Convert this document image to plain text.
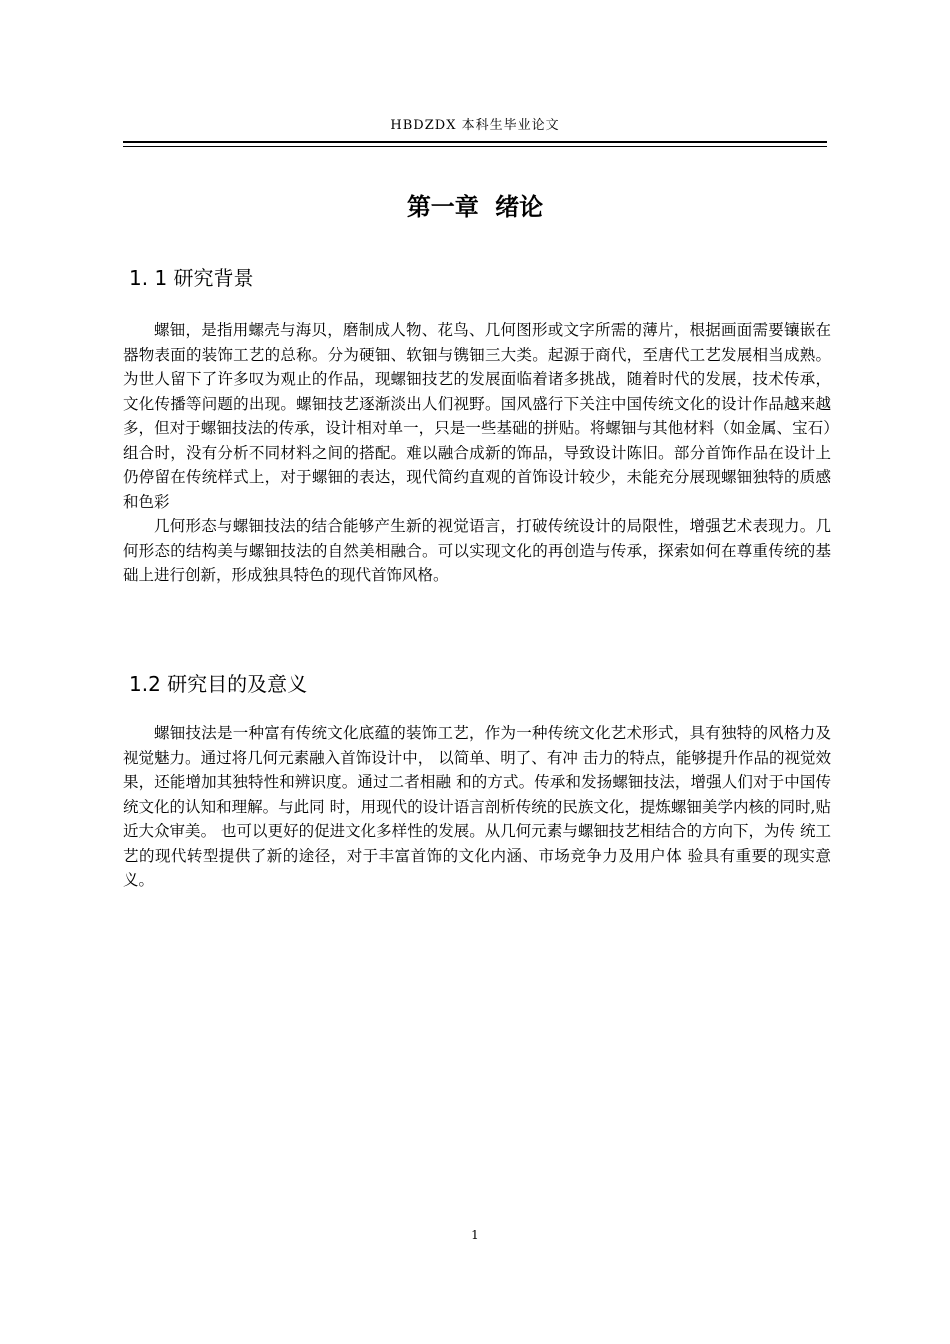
HBDZDX 本科生毕业论文
第一章 绪论
1. 1 研究背景

螺钿，是指用螺壳与海贝，磨制成人物、花鸟、几何图形或文字所需的薄片，根据画面需要镶嵌在器物表面的装饰工艺的总称。分为硬钿、软钿与镌钿三大类。起源于商代，至唐代工艺发展相当成熟。为世人留下了许多叹为观止的作品，现螺钿技艺的发展面临着诸多挑战，随着时代的发展，技术传承，文化传播等问题的出现。螺钿技艺逐渐淡出人们视野。国风盛行下关注中国传统文化的设计作品越来越多，但对于螺钿技法的传承，设计相对单一，只是一些基础的拼贴。将螺钿与其他材料（如金属、宝石）组合时，没有分析不同材料之间的搭配。难以融合成新的饰品，导致设计陈旧。部分首饰作品在设计上仍停留在传统样式上，对于螺钿的表达，现代简约直观的首饰设计较少，未能充分展现螺钿独特的质感和色彩

几何形态与螺钿技法的结合能够产生新的视觉语言，打破传统设计的局限性，增强艺术表现力。几何形态的结构美与螺钿技法的自然美相融合。可以实现文化的再创造与传承，探索如何在尊重传统的基础上进行创新，形成独具特色的现代首饰风格。

1.2 研究目的及意义

螺钿技法是一种富有传统文化底蕴的装饰工艺，作为一种传统文化艺术形式，具有独特的风格力及视觉魅力。通过将几何元素融入首饰设计中， 以简单、明了、有冲 击力的特点，能够提升作品的视觉效果，还能增加其独特性和辨识度。通过二者相融 和的方式。传承和发扬螺钿技法，增强人们对于中国传统文化的认知和理解。与此同 时，用现代的设计语言剖析传统的民族文化，提炼螺钿美学内核的同时,贴近大众审美。 也可以更好的促进文化多样性的发展。从几何元素与螺钿技艺相结合的方向下，为传 统工艺的现代转型提供了新的途径，对于丰富首饰的文化内涵、市场竞争力及用户体 验具有重要的现实意义。

1
